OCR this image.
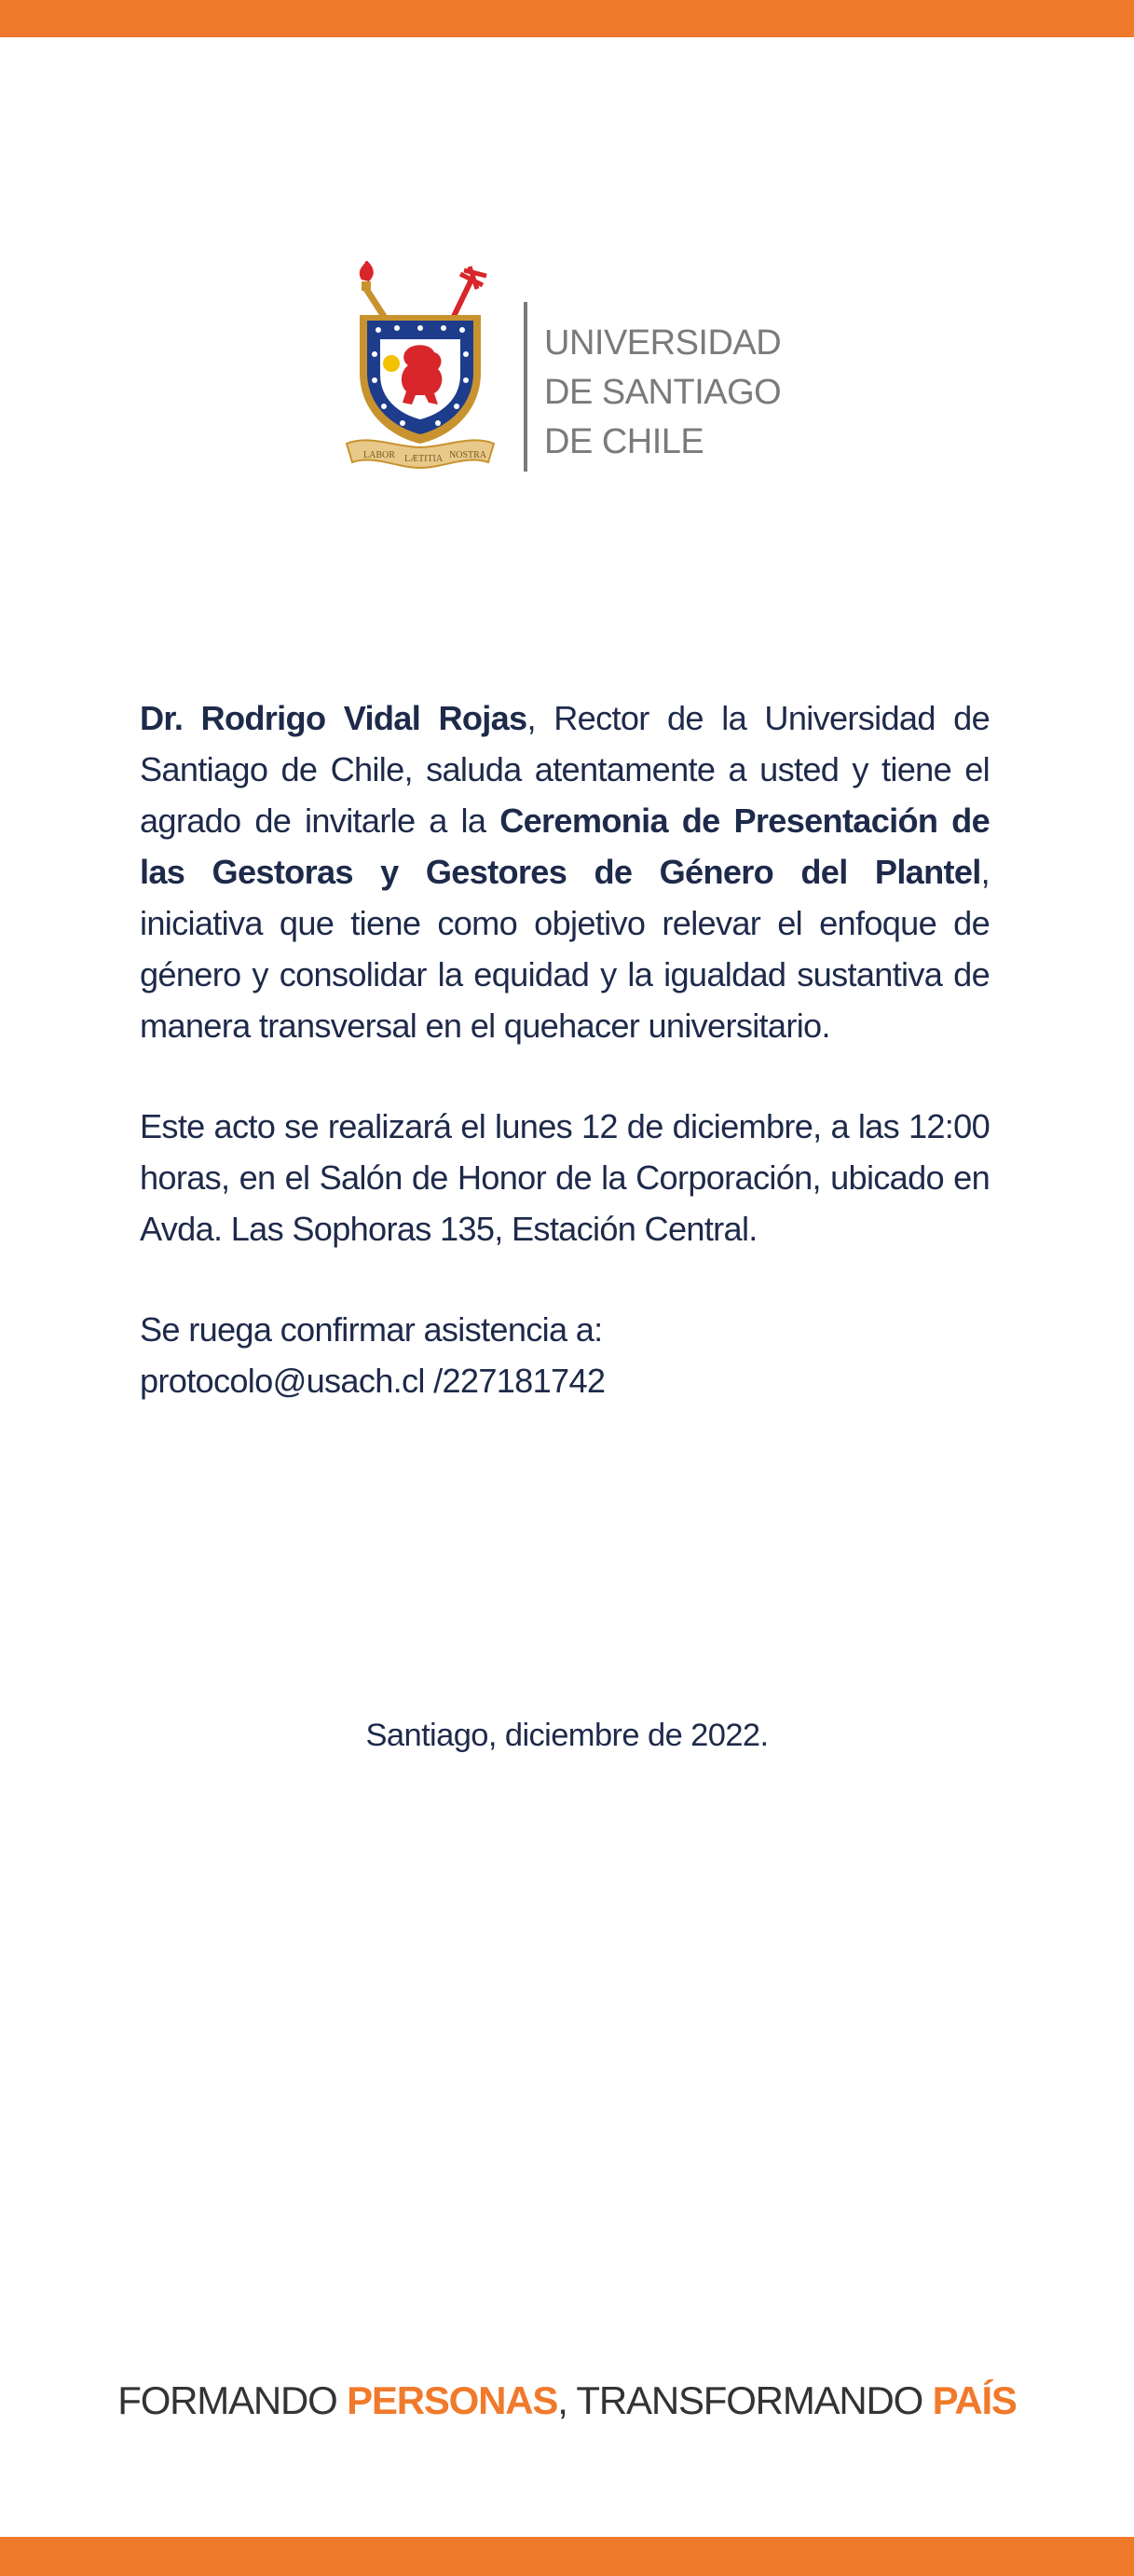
LABOR LÆTITIA NOSTRA
UNIVERSIDAD
DE SANTIAGO
DE CHILE

Dr. Rodrigo Vidal Rojas, Rector de la Universidad de Santiago de Chile, saluda atentamente a usted y tiene el agrado de invitarle a la Ceremonia de Presentación de las Gestoras y Gestores de Género del Plantel, iniciativa que tiene como objetivo relevar el enfoque de género y consolidar la equidad y la igualdad sustantiva de manera transversal en el quehacer universitario.

Este acto se realizará el lunes 12 de diciembre, a las 12:00 horas, en el Salón de Honor de la Corporación, ubicado en Avda. Las Sophoras 135, Estación Central.

Se ruega confirmar asistencia a:
protocolo@usach.cl /227181742

Santiago, diciembre de 2022.
FORMANDO PERSONAS, TRANSFORMANDO PAÍS
